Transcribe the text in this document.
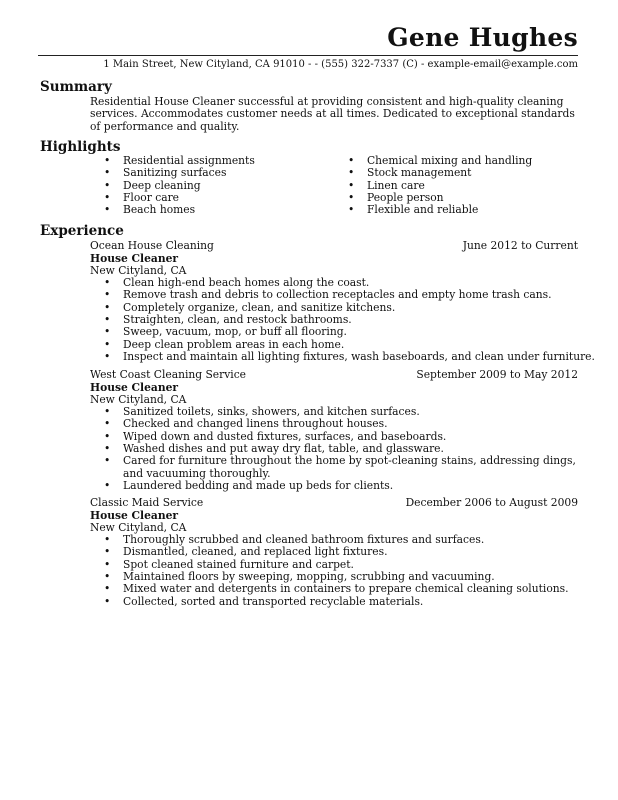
Gene Hughes
1 Main Street, New Cityland, CA 91010 - - (555) 322-7337 (C) - example-email@example.com
Summary

Residential House Cleaner successful at providing consistent and high-quality cleaning services. Accommodates customer needs at all times. Dedicated to exceptional standards of performance and quality.

Highlights
• Residential assignments
• Sanitizing surfaces
• Deep cleaning
• Floor care
• Beach homes
• Chemical mixing and handling
• Stock management
• Linen care
• People person
• Flexible and reliable
Experience
Ocean House Cleaning	June 2012 to Current
House Cleaner
New Cityland, CA
• Clean high-end beach homes along the coast.
• Remove trash and debris to collection receptacles and empty home trash cans.
• Completely organize, clean, and sanitize kitchens.
• Straighten, clean, and restock bathrooms.
• Sweep, vacuum, mop, or buff all flooring.
• Deep clean problem areas in each home.
• Inspect and maintain all lighting fixtures, wash baseboards, and clean under furniture.
West Coast Cleaning Service	September 2009 to May 2012
House Cleaner
New Cityland, CA
• Sanitized toilets, sinks, showers, and kitchen surfaces.
• Checked and changed linens throughout houses.
• Wiped down and dusted fixtures, surfaces, and baseboards.
• Washed dishes and put away dry flat, table, and glassware.
• Cared for furniture throughout the home by spot-cleaning stains, addressing dings, and vacuuming thoroughly.
• Laundered bedding and made up beds for clients.
Classic Maid Service	December 2006 to August 2009
House Cleaner
New Cityland, CA
• Thoroughly scrubbed and cleaned bathroom fixtures and surfaces.
• Dismantled, cleaned, and replaced light fixtures.
• Spot cleaned stained furniture and carpet.
• Maintained floors by sweeping, mopping, scrubbing and vacuuming.
• Mixed water and detergents in containers to prepare chemical cleaning solutions.
• Collected, sorted and transported recyclable materials.
